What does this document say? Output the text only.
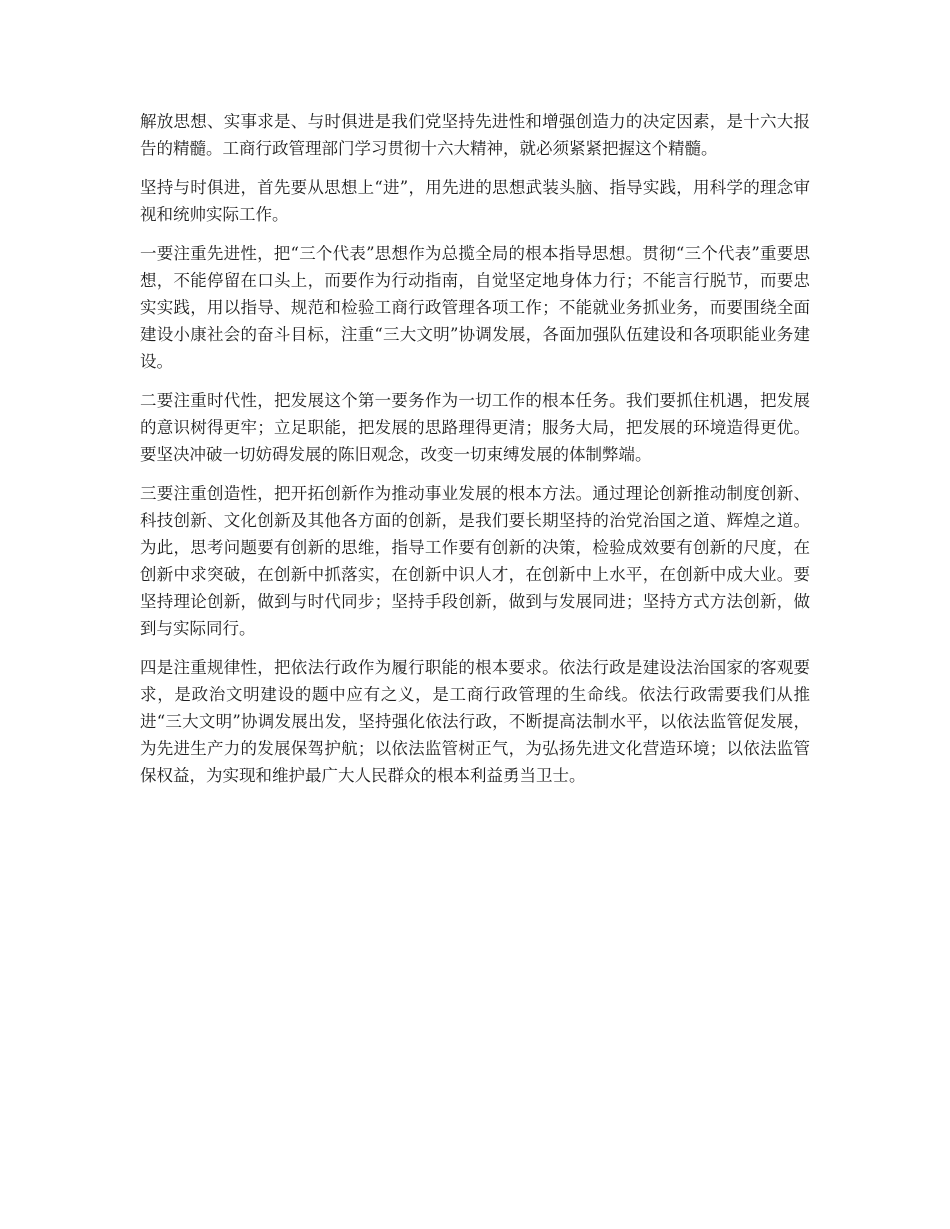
解放思想、实事求是、与时俱进是我们党坚持先进性和增强创造力的决定因素，是十六大报告的精髓。工商行政管理部门学习贯彻十六大精神，就必须紧紧把握这个精髓。

坚持与时俱进，首先要从思想上“进”，用先进的思想武装头脑、指导实践，用科学的理念审视和统帅实际工作。

一要注重先进性，把“三个代表”思想作为总揽全局的根本指导思想。贯彻“三个代表”重要思想，不能停留在口头上，而要作为行动指南，自觉坚定地身体力行；不能言行脱节，而要忠实实践，用以指导、规范和检验工商行政管理各项工作；不能就业务抓业务，而要围绕全面建设小康社会的奋斗目标，注重“三大文明”协调发展，各面加强队伍建设和各项职能业务建设。

二要注重时代性，把发展这个第一要务作为一切工作的根本任务。我们要抓住机遇，把发展的意识树得更牢；立足职能，把发展的思路理得更清；服务大局，把发展的环境造得更优。要坚决冲破一切妨碍发展的陈旧观念，改变一切束缚发展的体制弊端。

三要注重创造性，把开拓创新作为推动事业发展的根本方法。通过理论创新推动制度创新、科技创新、文化创新及其他各方面的创新，是我们要长期坚持的治党治国之道、辉煌之道。为此，思考问题要有创新的思维，指导工作要有创新的决策，检验成效要有创新的尺度，在创新中求突破，在创新中抓落实，在创新中识人才，在创新中上水平，在创新中成大业。要坚持理论创新，做到与时代同步；坚持手段创新，做到与发展同进；坚持方式方法创新，做到与实际同行。

四是注重规律性，把依法行政作为履行职能的根本要求。依法行政是建设法治国家的客观要求，是政治文明建设的题中应有之义，是工商行政管理的生命线。依法行政需要我们从推进“三大文明”协调发展出发，坚持强化依法行政，不断提高法制水平，以依法监管促发展，为先进生产力的发展保驾护航；以依法监管树正气，为弘扬先进文化营造环境；以依法监管保权益，为实现和维护最广大人民群众的根本利益勇当卫士。
